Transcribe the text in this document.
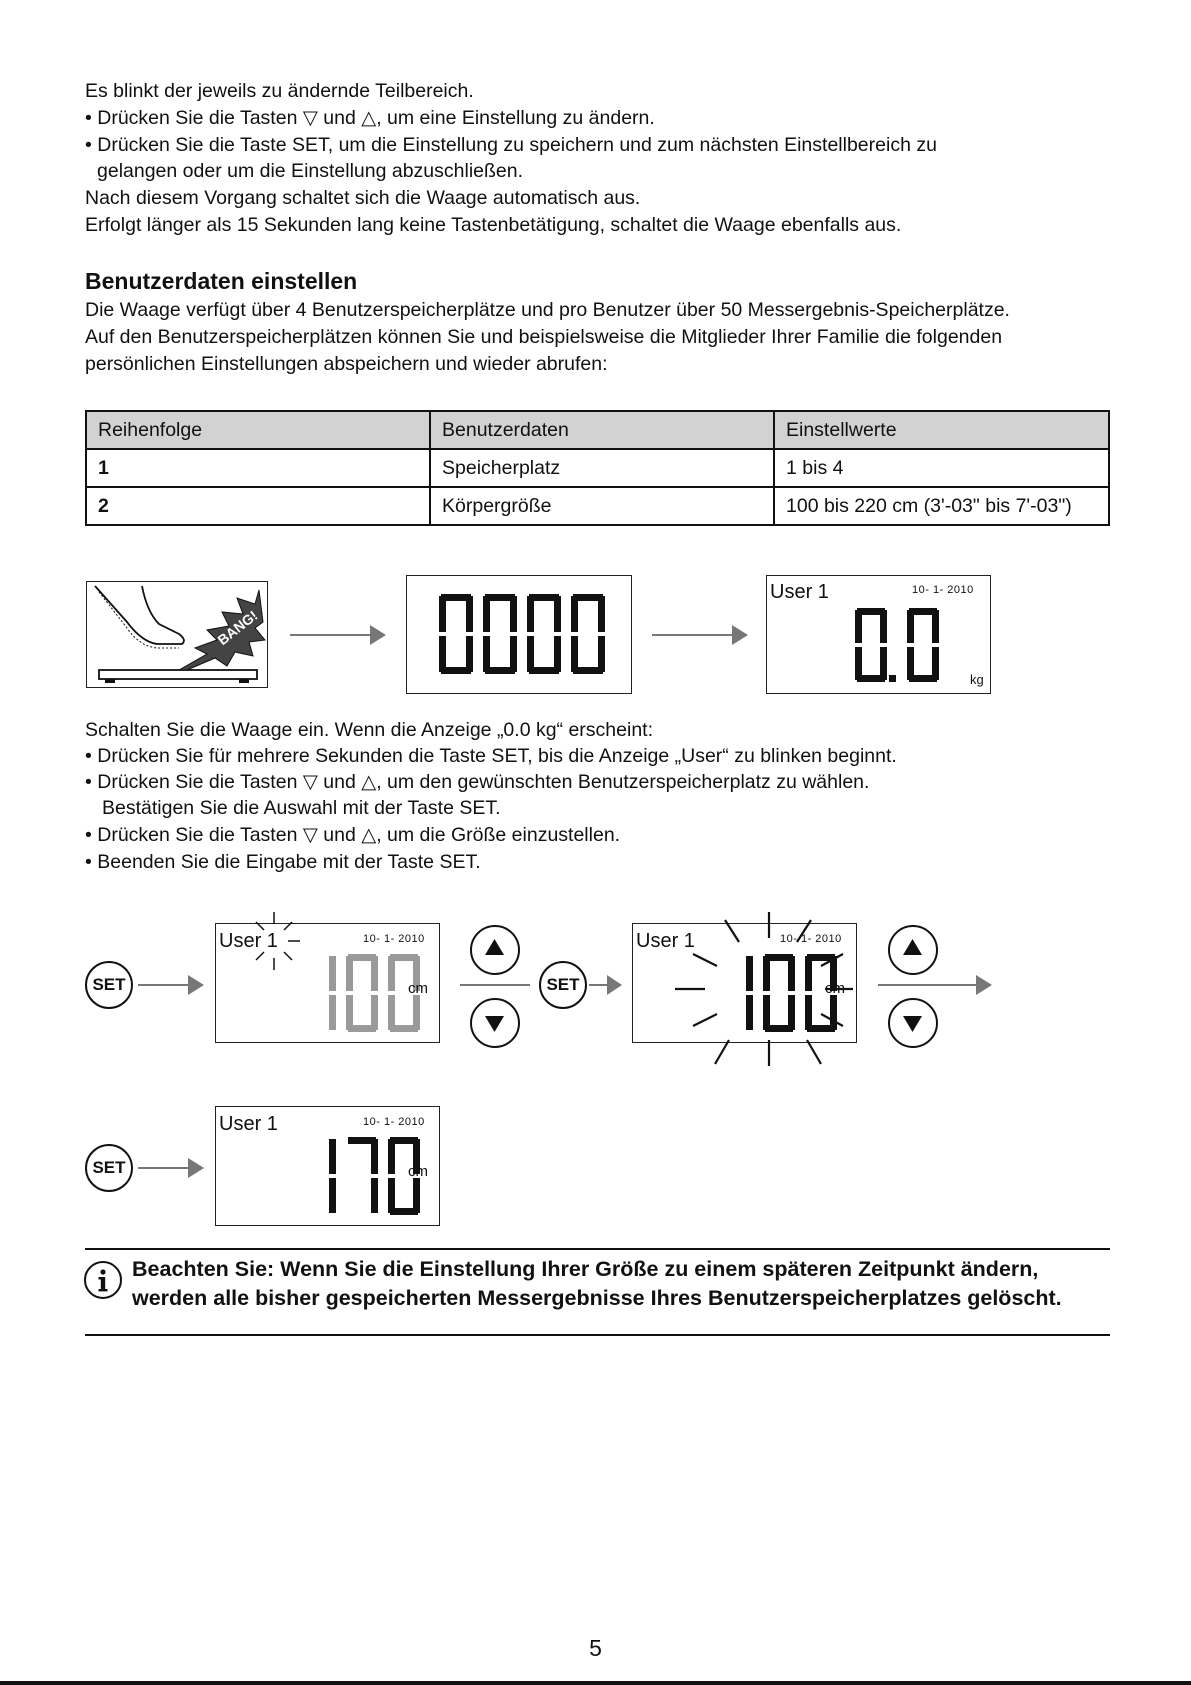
Es blinkt der jeweils zu ändernde Teilbereich.
• Drücken Sie die Tasten ▽ und △, um eine Einstellung zu ändern.
• Drücken Sie die Taste SET, um die Einstellung zu speichern und zum nächsten Einstellbereich zu
gelangen oder um die Einstellung abzuschließen.
Nach diesem Vorgang schaltet sich die Waage automatisch aus.
Erfolgt länger als 15 Sekunden lang keine Tastenbetätigung, schaltet die Waage ebenfalls aus.
Benutzerdaten einstellen
Die Waage verfügt über 4 Benutzerspeicherplätze und pro Benutzer über 50 Messergebnis-Speicherplätze.
Auf den Benutzerspeicherplätzen können Sie und beispielsweise die Mitglieder Ihrer Familie die folgenden
persönlichen Einstellungen abspeichern und wieder abrufen:
Reihenfolge	Benutzerdaten	Einstellwerte
1	Speicherplatz	1 bis 4
2	Körpergröße	100 bis 220 cm (3'-03" bis 7'-03")
BANG!
User 1	10- 1- 2010
kg
Schalten Sie die Waage ein. Wenn die Anzeige „0.0 kg“ erscheint:
• Drücken Sie für mehrere Sekunden die Taste SET, bis die Anzeige „User“ zu blinken beginnt.
• Drücken Sie die Tasten ▽ und △, um den gewünschten Benutzerspeicherplatz zu wählen.
Bestätigen Sie die Auswahl mit der Taste SET.
• Drücken Sie die Tasten ▽ und △, um die Größe einzustellen.
• Beenden Sie die Eingabe mit der Taste SET.
SET
User 1	10- 1- 2010
cm	SET
User 1	10- 1- 2010
cm
SET
User 1	10- 1- 2010
cm
Beachten Sie: Wenn Sie die Einstellung Ihrer Größe zu einem späteren Zeitpunkt ändern,
werden alle bisher gespeicherten Messergebnisse Ihres Benutzerspeicherplatzes gelöscht.
5
